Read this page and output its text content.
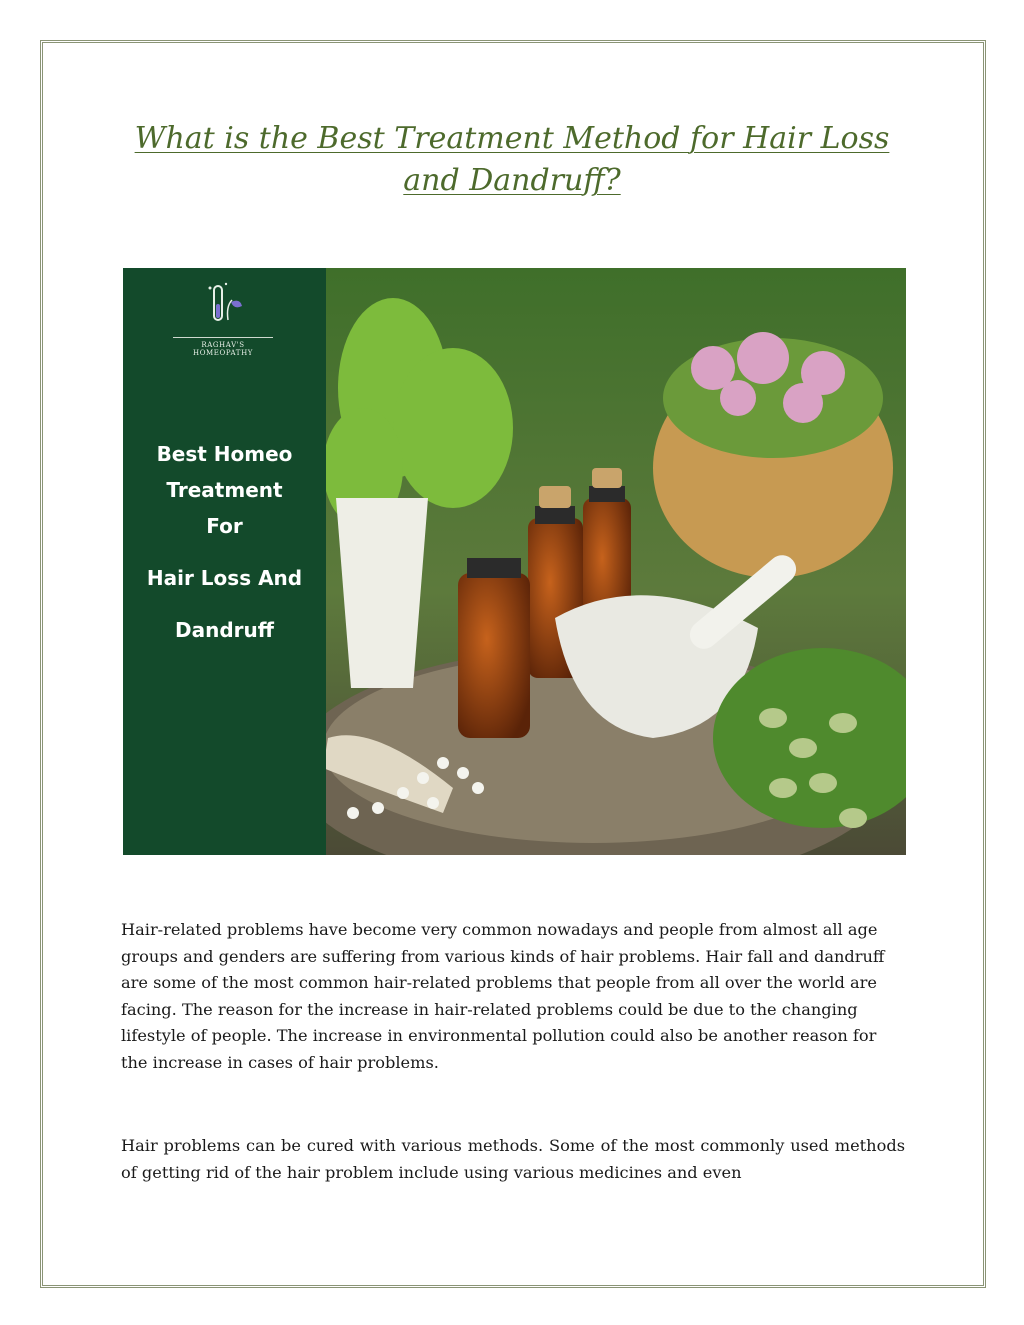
What is the Best Treatment Method for Hair Loss and Dandruff?
RAGHAV'S HOMEOPATHY
Best Homeo
Treatment
For
Hair Loss And
Dandruff

Hair-related problems have become very common nowadays and people from almost all age groups and genders are suffering from various kinds of hair problems. Hair fall and dandruff are some of the most common hair-related problems that people from all over the world are facing. The reason for the increase in hair-related problems could be due to the changing lifestyle of people. The increase in environmental pollution could also be another reason for the increase in cases of hair problems.

Hair problems can be cured with various methods. Some of the most commonly used methods of getting rid of the hair problem include using various medicines and even
